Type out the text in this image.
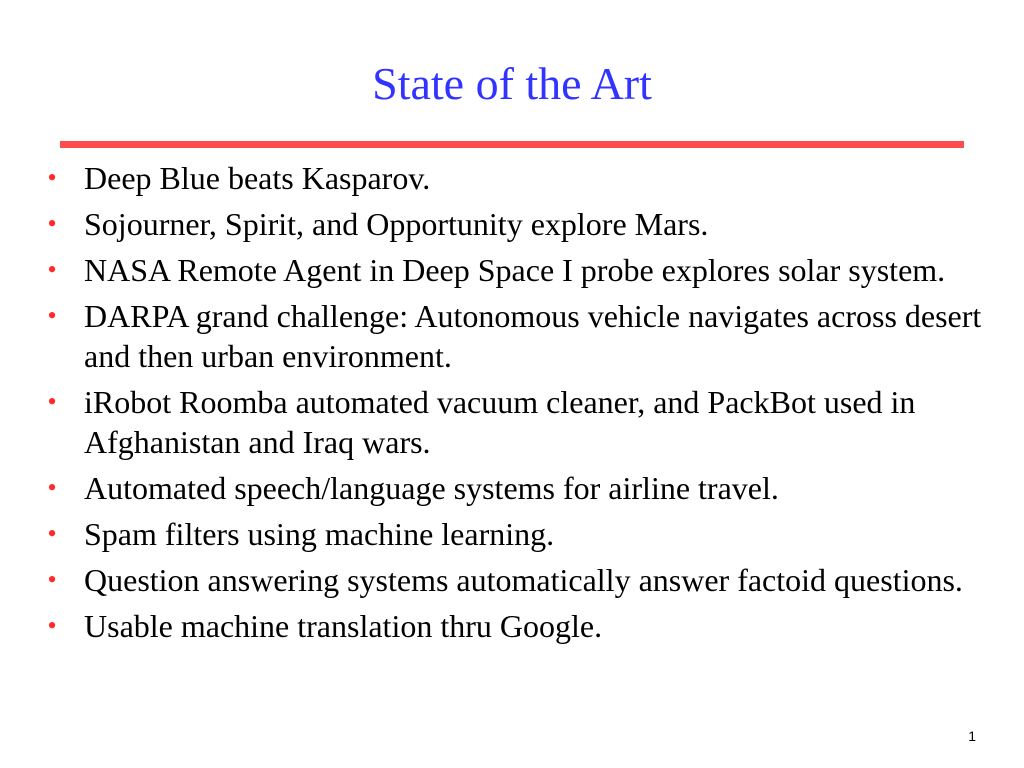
State of the Art
• Deep Blue beats Kasparov.
• Sojourner, Spirit, and Opportunity explore Mars.
• NASA Remote Agent in Deep Space I probe explores solar system.
• DARPA grand challenge: Autonomous vehicle navigates across desert and then urban environment.
• iRobot Roomba automated vacuum cleaner, and PackBot used in Afghanistan and Iraq wars.
• Automated speech/language systems for airline travel.
• Spam filters using machine learning.
• Question answering systems automatically answer factoid questions.
• Usable machine translation thru Google.
1
